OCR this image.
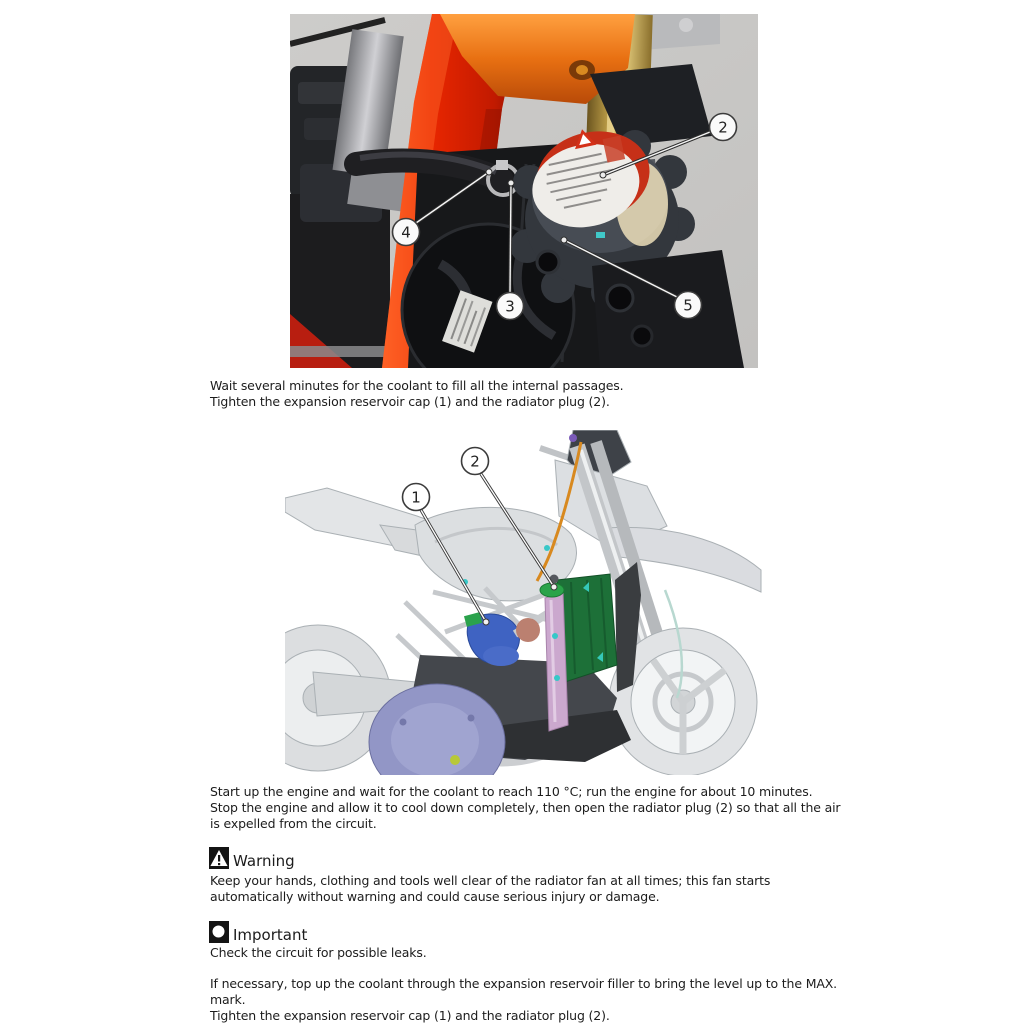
2
4
3	5
Wait several minutes for the coolant to fill all the internal passages.
Tighten the expansion reservoir cap (1) and the radiator plug (2).
1
2
Start up the engine and wait for the coolant to reach 110 °C; run the engine for about 10 minutes.
Stop the engine and allow it to cool down completely, then open the radiator plug (2) so that all the air
is expelled from the circuit.
Warning
Keep your hands, clothing and tools well clear of the radiator fan at all times; this fan starts
automatically without warning and could cause serious injury or damage.
Important
Check the circuit for possible leaks.
If necessary, top up the coolant through the expansion reservoir filler to bring the level up to the MAX.
mark.
Tighten the expansion reservoir cap (1) and the radiator plug (2).
